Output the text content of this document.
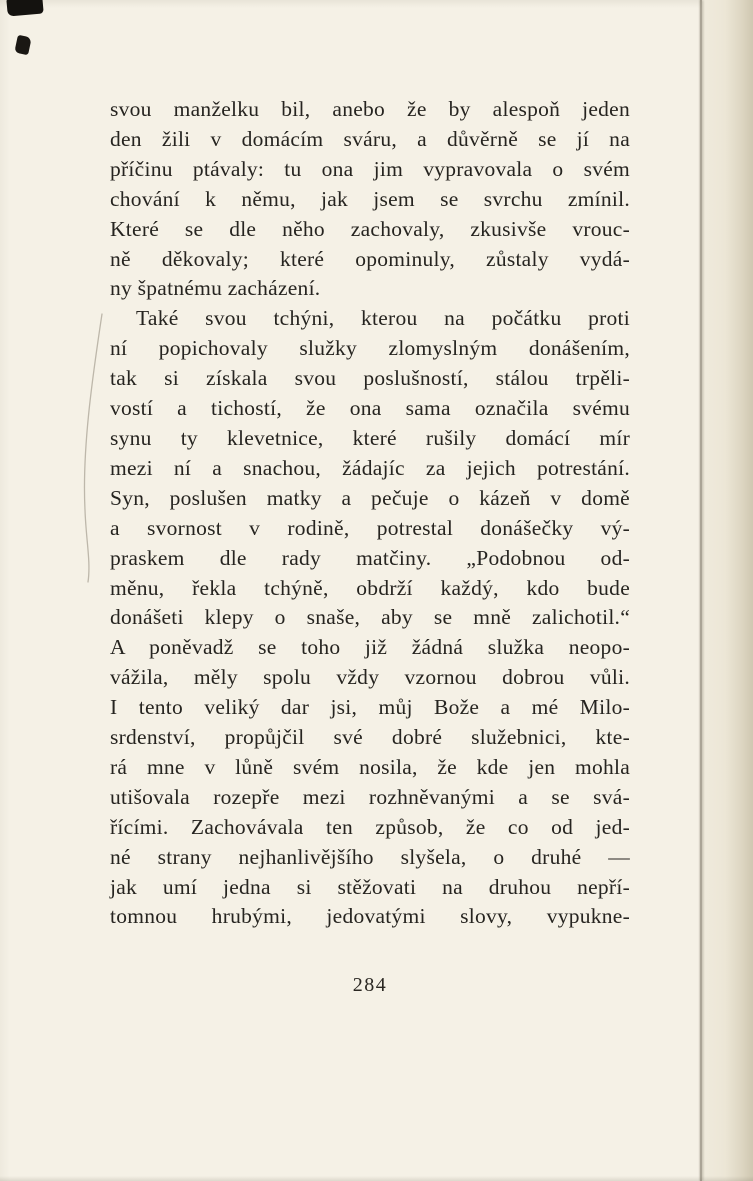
svou manželku bil, anebo že by alespoň jeden
den žili v domácím sváru, a důvěrně se jí na
příčinu ptávaly: tu ona jim vypravovala o svém
chování k němu, jak jsem se svrchu zmínil.
Které se dle něho zachovaly, zkusivše vrouc-
ně děkovaly; které opominuly, zůstaly vydá-
ny špatnému zacházení.
Také svou tchýni, kterou na počátku proti
ní popichovaly služky zlomyslným donášením,
tak si získala svou poslušností, stálou trpěli-
vostí a tichostí, že ona sama označila svému
synu ty klevetnice, které rušily domácí mír
mezi ní a snachou, žádajíc za jejich potrestání.
Syn, poslušen matky a pečuje o kázeň v domě
a svornost v rodině, potrestal donášečky vý-
praskem dle rady matčiny. „Podobnou od-
měnu, řekla tchýně, obdrží každý, kdo bude
donášeti klepy o snaše, aby se mně zalichotil.“
A poněvadž se toho již žádná služka neopo-
vážila, měly spolu vždy vzornou dobrou vůli.
I tento veliký dar jsi, můj Bože a mé Milo-
srdenství, propůjčil své dobré služebnici, kte-
rá mne v lůně svém nosila, že kde jen mohla
utišovala rozepře mezi rozhněvanými a se svá-
řícími. Zachovávala ten způsob, že co od jed-
né strany nejhanlivějšího slyšela, o druhé —
jak umí jedna si stěžovati na druhou nepří-
tomnou hrubými, jedovatými slovy, vypukne-
284
